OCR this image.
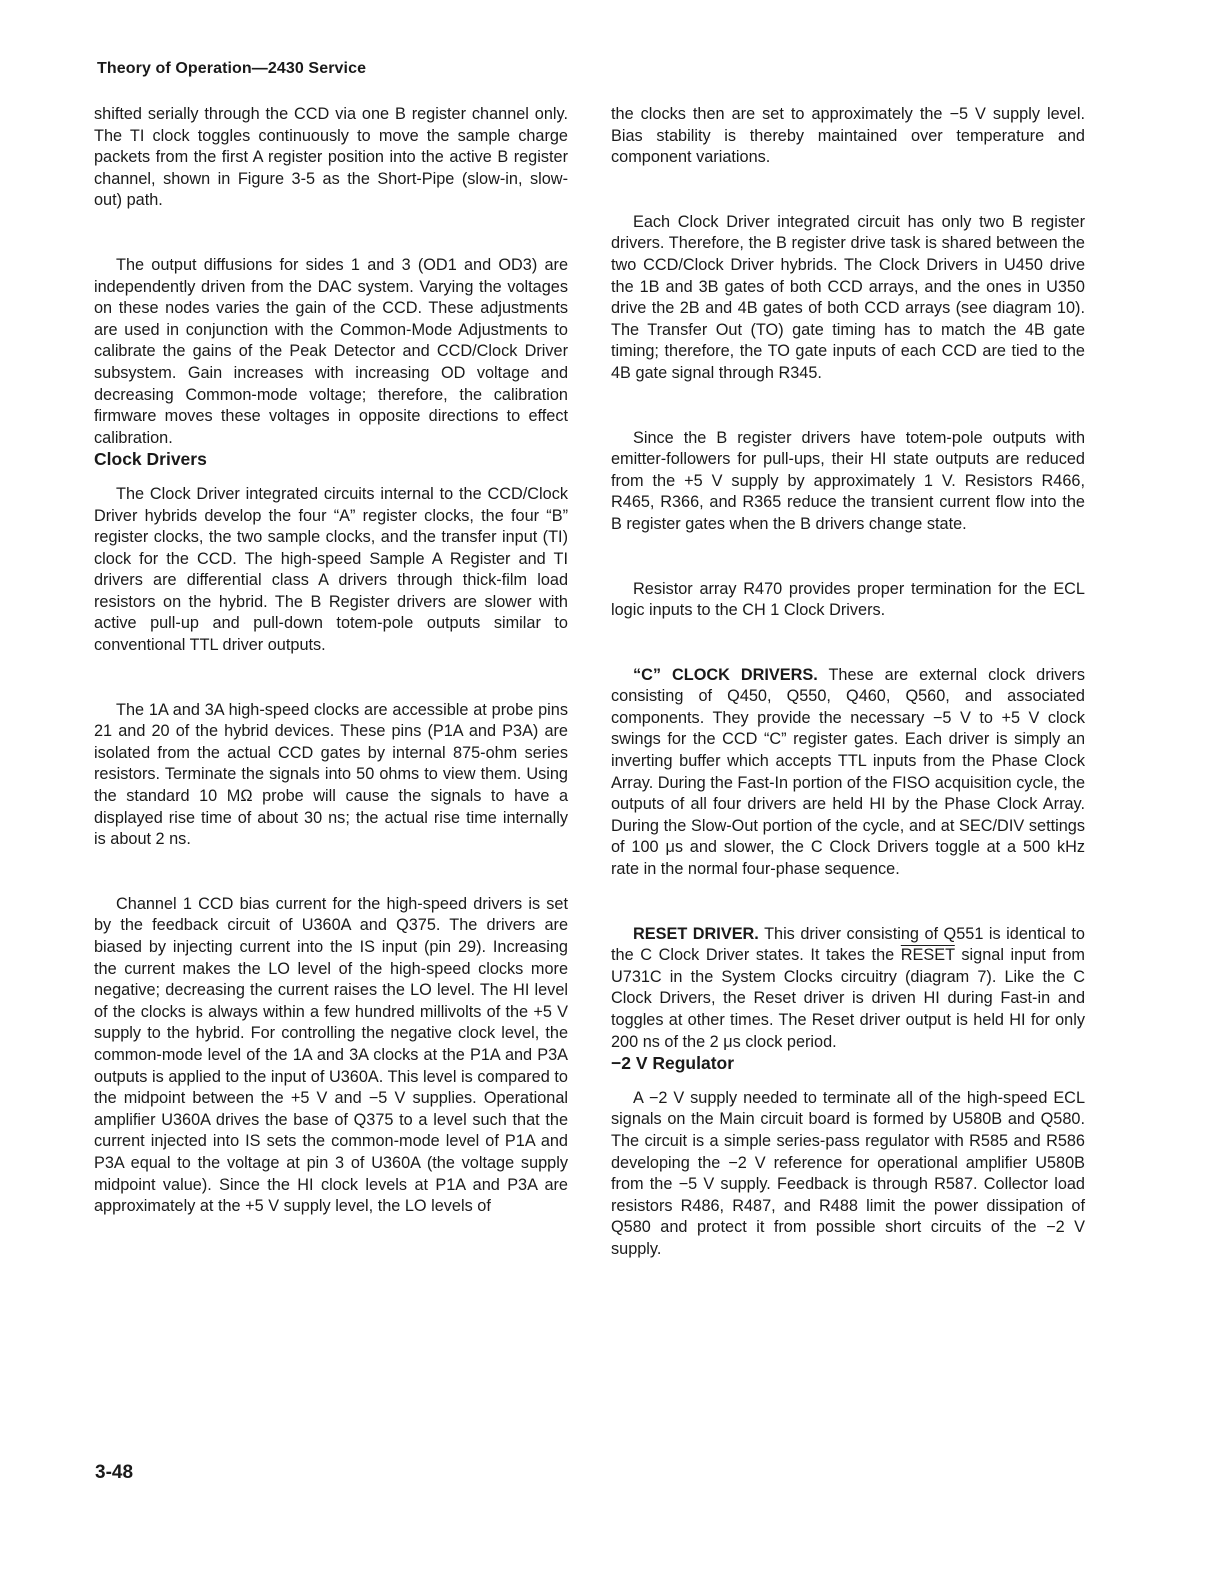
Theory of Operation—2430 Service

shifted serially through the CCD via one B register channel only. The TI clock toggles continuously to move the sample charge packets from the first A register position into the active B register channel, shown in Figure 3-5 as the Short-Pipe (slow-in, slow-out) path.

The output diffusions for sides 1 and 3 (OD1 and OD3) are independently driven from the DAC system. Varying the voltages on these nodes varies the gain of the CCD. These adjustments are used in conjunction with the Common-Mode Adjustments to calibrate the gains of the Peak Detector and CCD/Clock Driver subsystem. Gain increases with increasing OD voltage and decreasing Common-mode voltage; therefore, the calibration firmware moves these voltages in opposite directions to effect calibration.

Clock Drivers

The Clock Driver integrated circuits internal to the CCD/Clock Driver hybrids develop the four “A” register clocks, the four “B” register clocks, the two sample clocks, and the transfer input (TI) clock for the CCD. The high-speed Sample A Register and TI drivers are differential class A drivers through thick-film load resistors on the hybrid. The B Register drivers are slower with active pull-up and pull-down totem-pole outputs similar to conventional TTL driver outputs.

The 1A and 3A high-speed clocks are accessible at probe pins 21 and 20 of the hybrid devices. These pins (P1A and P3A) are isolated from the actual CCD gates by internal 875-ohm series resistors. Terminate the signals into 50 ohms to view them. Using the standard 10 MΩ probe will cause the signals to have a displayed rise time of about 30 ns; the actual rise time internally is about 2 ns.

Channel 1 CCD bias current for the high-speed drivers is set by the feedback circuit of U360A and Q375. The drivers are biased by injecting current into the IS input (pin 29). Increasing the current makes the LO level of the high-speed clocks more negative; decreasing the current raises the LO level. The HI level of the clocks is always within a few hundred millivolts of the +5 V supply to the hybrid. For controlling the negative clock level, the common-mode level of the 1A and 3A clocks at the P1A and P3A outputs is applied to the input of U360A. This level is compared to the midpoint between the +5 V and −5 V supplies. Operational amplifier U360A drives the base of Q375 to a level such that the current injected into IS sets the common-mode level of P1A and P3A equal to the voltage at pin 3 of U360A (the voltage supply midpoint value). Since the HI clock levels at P1A and P3A are approximately at the +5 V supply level, the LO levels of

the clocks then are set to approximately the −5 V supply level. Bias stability is thereby maintained over temperature and component variations.

Each Clock Driver integrated circuit has only two B register drivers. Therefore, the B register drive task is shared between the two CCD/Clock Driver hybrids. The Clock Drivers in U450 drive the 1B and 3B gates of both CCD arrays, and the ones in U350 drive the 2B and 4B gates of both CCD arrays (see diagram 10). The Transfer Out (TO) gate timing has to match the 4B gate timing; therefore, the TO gate inputs of each CCD are tied to the 4B gate signal through R345.

Since the B register drivers have totem-pole outputs with emitter-followers for pull-ups, their HI state outputs are reduced from the +5 V supply by approximately 1 V. Resistors R466, R465, R366, and R365 reduce the transient current flow into the B register gates when the B drivers change state.

Resistor array R470 provides proper termination for the ECL logic inputs to the CH 1 Clock Drivers.

“C” CLOCK DRIVERS. These are external clock drivers consisting of Q450, Q550, Q460, Q560, and associated components. They provide the necessary −5 V to +5 V clock swings for the CCD “C” register gates. Each driver is simply an inverting buffer which accepts TTL inputs from the Phase Clock Array. During the Fast-In portion of the FISO acquisition cycle, the outputs of all four drivers are held HI by the Phase Clock Array. During the Slow-Out portion of the cycle, and at SEC/DIV settings of 100 μs and slower, the C Clock Drivers toggle at a 500 kHz rate in the normal four-phase sequence.

RESET DRIVER. This driver consisting of Q551 is identical to the C Clock Driver states. It takes the RESET signal input from U731C in the System Clocks circuitry (diagram 7). Like the C Clock Drivers, the Reset driver is driven HI during Fast-in and toggles at other times. The Reset driver output is held HI for only 200 ns of the 2 μs clock period.

−2 V Regulator

A −2 V supply needed to terminate all of the high-speed ECL signals on the Main circuit board is formed by U580B and Q580. The circuit is a simple series-pass regulator with R585 and R586 developing the −2 V reference for operational amplifier U580B from the −5 V supply. Feedback is through R587. Collector load resistors R486, R487, and R488 limit the power dissipation of Q580 and protect it from possible short circuits of the −2 V supply.

3-48
